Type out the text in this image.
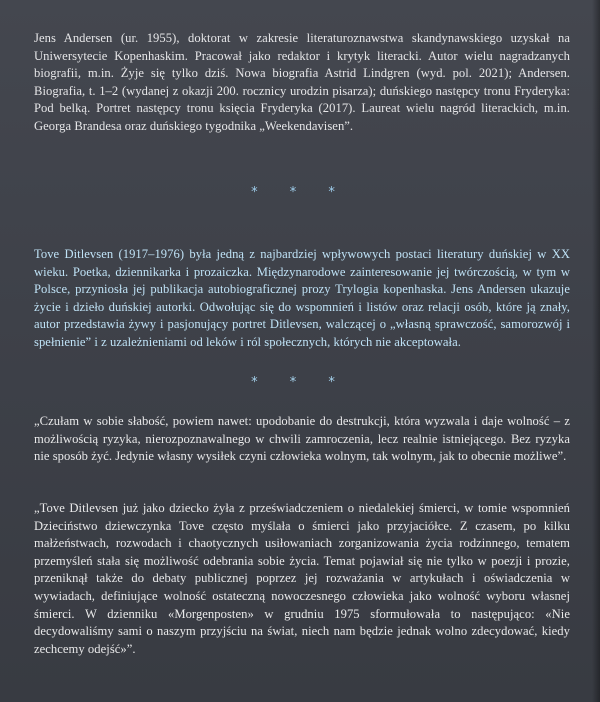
Jens Andersen (ur. 1955), doktorat w zakresie literaturoznawstwa skandynawskiego uzyskał na Uniwersytecie Kopenhaskim. Pracował jako redaktor i krytyk literacki. Autor wielu nagradzanych biografii, m.in. Żyje się tylko dziś. Nowa biografia Astrid Lindgren (wyd. pol. 2021); Andersen. Biografia, t. 1–2 (wydanej z okazji 200. rocznicy urodzin pisarza); duńskiego następcy tronu Fryderyka: Pod belką. Portret następcy tronu księcia Fryderyka (2017). Laureat wielu nagród literackich, m.in. Georga Brandesa oraz duńskiego tygodnika „Weekendavisen”.

* * *

Tove Ditlevsen (1917–1976) była jedną z najbardziej wpływowych postaci literatury duńskiej w XX wieku. Poetka, dziennikarka i prozaiczka. Międzynarodowe zainteresowanie jej twórczością, w tym w Polsce, przyniosła jej publikacja autobiograficznej prozy Trylogia kopenhaska. Jens Andersen ukazuje życie i dzieło duńskiej autorki. Odwołując się do wspomnień i listów oraz relacji osób, które ją znały, autor przedstawia żywy i pasjonujący portret Ditlevsen, walczącej o „własną sprawczość, samorozwój i spełnienie” i z uzależnieniami od leków i ról społecznych, których nie akceptowała.

* * *

„Czułam w sobie słabość, powiem nawet: upodobanie do destrukcji, która wyzwala i daje wolność – z możliwością ryzyka, nierozpoznawalnego w chwili zamroczenia, lecz realnie istniejącego. Bez ryzyka nie sposób żyć. Jedynie własny wysiłek czyni człowieka wolnym, tak wolnym, jak to obecnie możliwe”.

„Tove Ditlevsen już jako dziecko żyła z przeświadczeniem o niedalekiej śmierci, w tomie wspomnień Dzieciństwo dziewczynka Tove często myślała o śmierci jako przyjaciółce. Z czasem, po kilku małżeństwach, rozwodach i chaotycznych usiłowaniach zorganizowania życia rodzinnego, tematem przemyśleń stała się możliwość odebrania sobie życia. Temat pojawiał się nie tylko w poezji i prozie, przeniknął także do debaty publicznej poprzez jej rozważania w artykułach i oświadczenia w wywiadach, definiujące wolność ostateczną nowoczesnego człowieka jako wolność wyboru własnej śmierci. W dzienniku «Morgenposten» w grudniu 1975 sformułowała to następująco: «Nie decydowaliśmy sami o naszym przyjściu na świat, niech nam będzie jednak wolno zdecydować, kiedy zechcemy odejść»”.
